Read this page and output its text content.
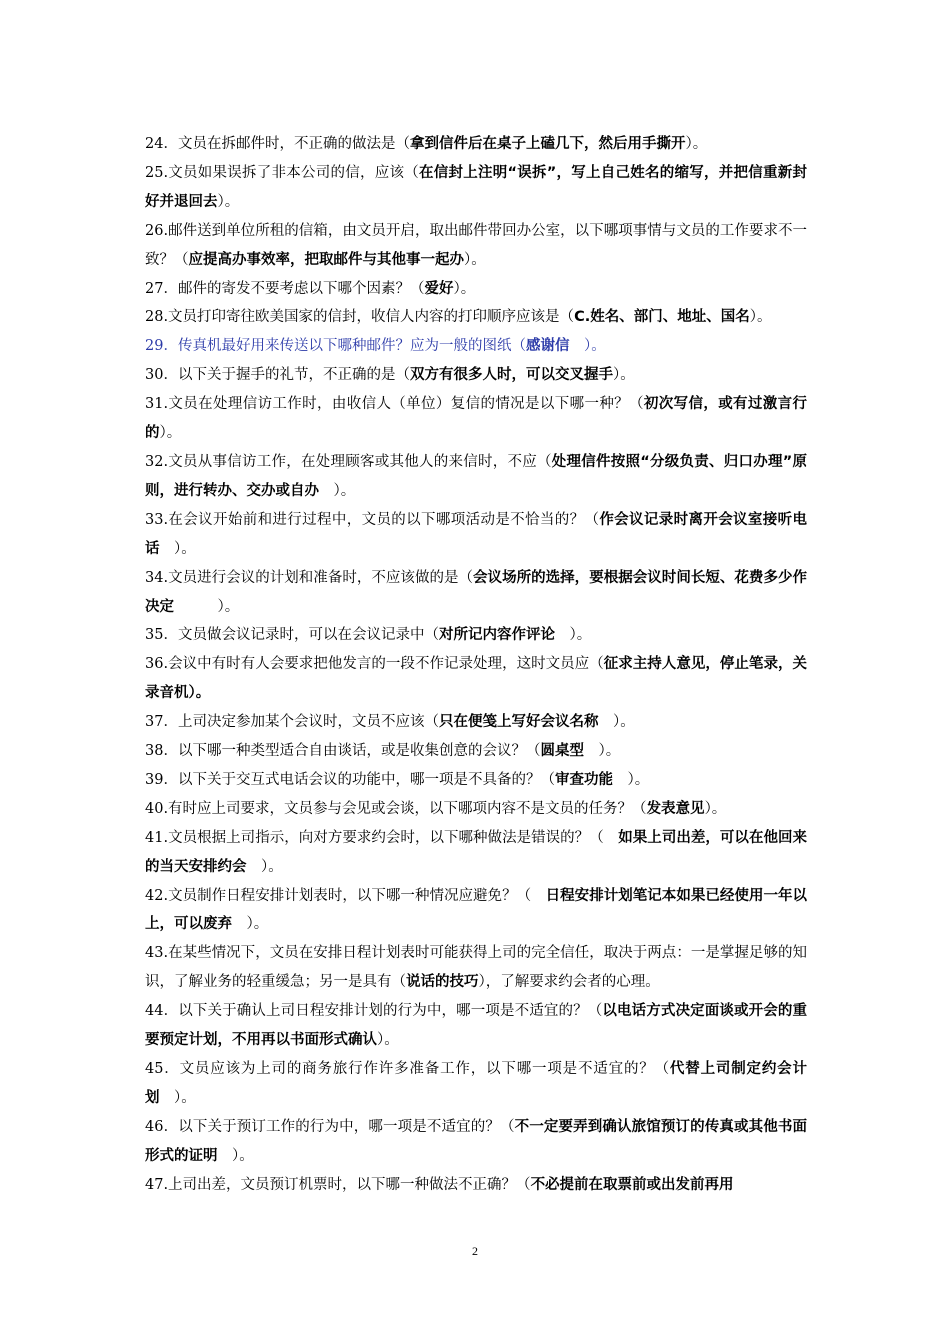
24．文员在拆邮件时，不正确的做法是（拿到信件后在桌子上磕几下，然后用手撕开）。

25.文员如果误拆了非本公司的信，应该（在信封上注明“误拆”，写上自己姓名的缩写，并把信重新封好并退回去）。

26.邮件送到单位所租的信箱，由文员开启，取出邮件带回办公室，以下哪项事情与文员的工作要求不一致？（应提高办事效率，把取邮件与其他事一起办）。

27．邮件的寄发不要考虑以下哪个因素？（爱好）。

28.文员打印寄往欧美国家的信封，收信人内容的打印顺序应该是（C.姓名、部门、地址、国名）。

29．传真机最好用来传送以下哪种邮件？应为一般的图纸（感谢信　）。

30．以下关于握手的礼节，不正确的是（双方有很多人时，可以交叉握手）。

31.文员在处理信访工作时，由收信人（单位）复信的情况是以下哪一种？（初次写信，或有过激言行的）。

32.文员从事信访工作，在处理顾客或其他人的来信时，不应（处理信件按照“分级负责、归口办理”原则，进行转办、交办或自办　）。

33.在会议开始前和进行过程中，文员的以下哪项活动是不恰当的？（作会议记录时离开会议室接听电话　）。

34.文员进行会议的计划和准备时，不应该做的是（会议场所的选择，要根据会议时间长短、花费多少作决定　　　）。

35．文员做会议记录时，可以在会议记录中（对所记内容作评论　）。

36.会议中有时有人会要求把他发言的一段不作记录处理，这时文员应（征求主持人意见，停止笔录，关录音机）。

37．上司决定参加某个会议时，文员不应该（只在便笺上写好会议名称　）。

38．以下哪一种类型适合自由谈话，或是收集创意的会议？（圆桌型　）。

39．以下关于交互式电话会议的功能中，哪一项是不具备的？（审查功能　）。

40.有时应上司要求，文员参与会见或会谈，以下哪项内容不是文员的任务？（发表意见）。

41.文员根据上司指示，向对方要求约会时，以下哪种做法是错误的？（　如果上司出差，可以在他回来的当天安排约会　）。

42.文员制作日程安排计划表时，以下哪一种情况应避免？（　日程安排计划笔记本如果已经使用一年以上，可以废弃　）。

43.在某些情况下，文员在安排日程计划表时可能获得上司的完全信任，取决于两点：一是掌握足够的知识，了解业务的轻重缓急；另一是具有（说话的技巧），了解要求约会者的心理。

44．以下关于确认上司日程安排计划的行为中，哪一项是不适宜的？（以电话方式决定面谈或开会的重要预定计划，不用再以书面形式确认）。

45．文员应该为上司的商务旅行作许多准备工作，以下哪一项是不适宜的？（代替上司制定约会计划　）。

46．以下关于预订工作的行为中，哪一项是不适宜的？（不一定要弄到确认旅馆预订的传真或其他书面形式的证明　）。

47.上司出差，文员预订机票时，以下哪一种做法不正确？（不必提前在取票前或出发前再用

2
